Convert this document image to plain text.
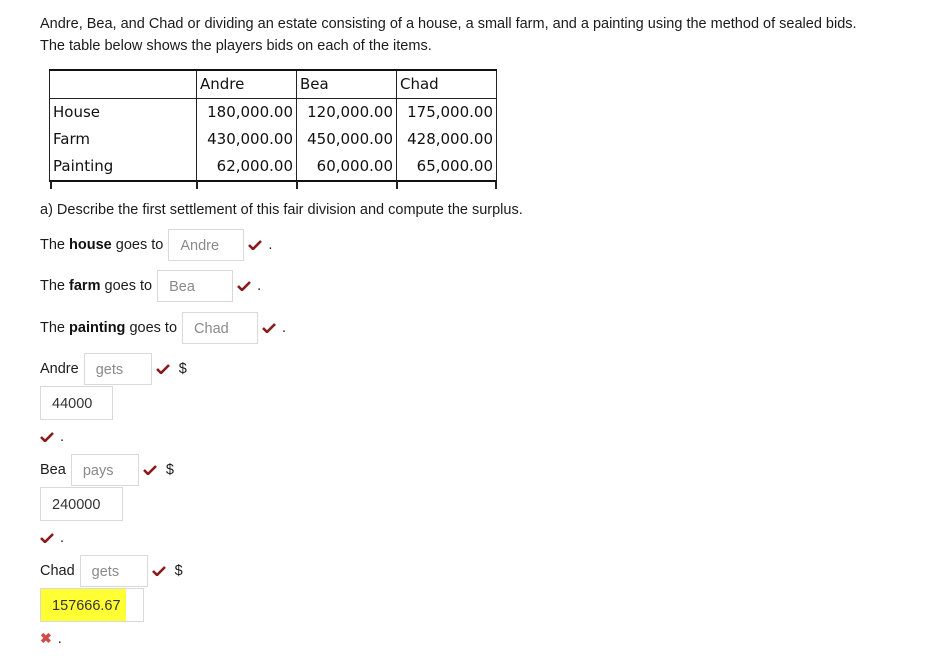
Andre, Bea, and Chad or dividing an estate consisting of a house, a small farm, and a painting using the method of sealed bids.

The table below shows the players bids on each of the items.

	Andre	Bea	Chad
House	180,000.00	120,000.00	175,000.00
Farm	430,000.00	450,000.00	428,000.00
Painting	62,000.00	60,000.00	65,000.00
a) Describe the first settlement of this fair division and compute the surplus.
The
house
goes to	Andre	.
The
farm
goes to	Bea	.
The
painting
goes to	Chad	.
Andre	gets	$
44000
.
Bea	pays	$
240000
.
Chad	gets	$
157666.67
✖ .
